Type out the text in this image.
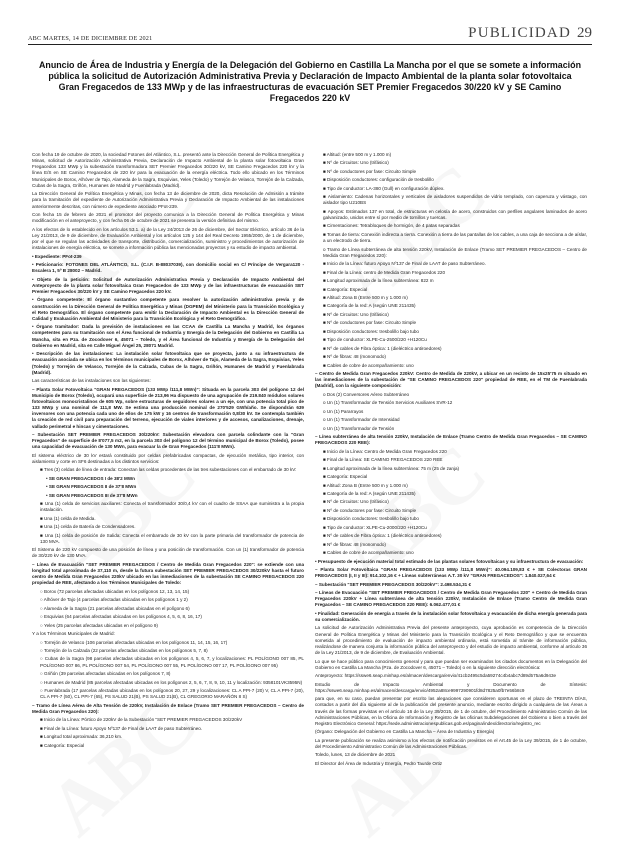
ABC MARTES, 14 DE DICIEMBRE DE 2021	PUBLICIDAD 29
Anuncio de Área de Industria y Energía de la Delegación del Gobierno en Castilla La Mancha por el que se somete a información pública la solicitud de Autorización Administrativa Previa y Declaración de Impacto Ambiental de la planta solar fotovoltaica Gran Fregacedos de 133 MWp y de las infraestructuras de evacuación SET Premier Fregacedos 30/220 kV y SE Camino Fregacedos 220 kV

Con fecha 19 de octubre de 2020, la sociedad Fotones del Atlántico, S.L. presentó ante la Dirección General de Política Energética y Minas, solicitud de Autorización Administrativa Previa, Declaración de Impacto Ambiental de la planta solar fotovoltaica Gran Fregacedos 133 MWp y la subestación transformadora SET Premier Fregacedos 30/220 kV, SE Camino Fregacedos 220 kV y la línea E/S en SE Camino Fregacedos de 220 kV para la evacuación de la energía eléctrica. Todo ello ubicado en los Términos Municipales de Borox, Alhóver de Tajo, Alameda de la Sagra, Esquivias, Yeles (Toledo) y Torrejón de Velasco, Torrejón de la Calzada, Cubas de la Sagra, Griñón, Humanes de Madrid y Fuenlabrada (Madrid).

La Dirección General de Política Energética y Minas, con fecha 13 de diciembre de 2020, dicta Resolución de Admisión a trámite para la tramitación del expediente de Autorización Administrativa Previa y Declaración de Impacto Ambiental de las instalaciones anteriormente descritas, con número de expediente asociado PFot-239.

Con fecha 15 de febrero de 2021 el promotor del proyecto comunica a la Dirección General de Política Energética y Minas modificación en el anteproyecto, y con fecha 06 de octubre de 2021 se presenta la versión definitiva del mismo.

A los efectos de lo establecido en los artículos 53.1. a) de la Ley 24/2013 de 26 de diciembre, del Sector Eléctrico, artículo 36 de la Ley 21/2013, de 9 de diciembre, de Evaluación Ambiental y los artículos 125 y 144 del Real Decreto 1955/2000, de 1 de diciembre, por el que se regulan las actividades de transporte, distribución, comercialización, suministro y procedimientos de autorización de instalaciones de energía eléctrica, se somete a información pública las mencionadas proyectos y su estudio de impacto ambiental.

• Expediente: PFot-239

• Peticionario: FOTONES DEL ATLÁNTICO, S.L. (C.I.F. B-88037039), con domicilio social en C/ Príncipe de Vergara120 - Escalera 1, 5º B 28002 – Madrid.

• Objeto de la petición: Solicitud de Autorización Administrativa Previa y Declaración de Impacto Ambiental del Anteproyecto de la planta solar fotovoltaica Gran Fregacedos de 133 MWp y de las infraestructuras de evacuación SET Premier Fregacedos 30/220 kV y SE Camino Fregacedos 220 kV.

• Órgano competente: El órgano sustantivo competente para resolver la autorización administrativa previa y de construcción es la Dirección General de Política Energética y Minas (DGPEM) del Ministerio para la Transición Ecológica y el Reto Demográfico. El órgano competente para emitir la Declaración de Impacto Ambiental es la Dirección General de Calidad y Evaluación Ambiental del Ministerio para la Transición Ecológica y el Reto Demográfico.

• Órgano tramitador: Dada la previsión de instalaciones en las CCAA de Castilla La Mancha y Madrid, los órganos competentes para su tramitación son el Área funcional de Industria y Energía de la Delegación del Gobierno en Castilla La Mancha, sita en Pza. de Zocodover 6, 45071 – Toledo, y el Área funcional de Industria y Energía de la Delegación del Gobierno en Madrid, sita en Calle Miguel Ángel 25, 28071 Madrid.

• Descripción de las instalaciones: La instalación solar fotovoltaica que se proyecta, junto a su infraestructura de evacuación asociada se ubica en los términos municipales de Borox, Alhóver de Tajo, Alameda de la Sagra, Esquivias, Yeles (Toledo) y Torrejón de Velasco, Torrejón de la Calzada, Cubas de la Sagra, Griñón, Humanes de Madrid y Fuenlabrada (Madrid).

Las características de las instalaciones son las siguientes:

– Planta Solar Fotovoltaica "GRAN FREGACEDOS (133 MWp /111,8 MWn)": Situada en la parcela 303 del polígono 12 del Municipio de Borox (Toledo), ocupará una superficie de 213,96 Ha dispuesto de una agrupación de 219.840 módulos solares fotovoltaicos monocristalinos de 605 Wp, sobre estructuras de seguidores solares a un eje, con una potencia total pico de 133 MWp y una nominal de 111,8 MW. Se estima una producción nominal de 270'529 GWh/año. Se dispondrán 639 inversores con una potencia cada uno de ellos de 175 kW y 16 centros de transformación 0,8/30 kV. Se contempla también la creación de red civil para preparación del terreno, ejecución de viales interiores y de accesos, canalizaciones, drenaje, vallado perimetral e hincas y cimentaciones.

– Subestación SET PREMIER FREGACEDOS 30/220kV: Subestación elevadora con parcela colindante con la "Gran Fregacedos" de superficie de 8'077,5 m2, en la parcela 303 del polígono 12 del término municipal de Borox (Toledo), posee una capacidad de evacuación de 130 MWn, para evacuar la de Gran Fregacedos (111'8 MWn).

El sistema eléctrico de 30 kV estará constituido por celdas prefabricadas compactas, de ejecución metálica, tipo interior, con aislamiento y corte en SF6 destinadas a los distintos servicios:

■ Tres (3) celdas de línea de entrada: Conectan las celdas procedentes de las tres subestaciones con el embarrado de 30 kV:

• SE GRAN FREGACEDOS I de 38'2 MWn

• SE GRAN FREGACEDOS II de 37'8 MWn

• SE GRAN FREGACEDOS III de 37'8 MWn

■ Una (1) celda de servicios auxiliares: Conecta el transformador 30/0,4 kV con el cuadro de SSAA que suministra a la propia instalación.

■ Una (1) celda de Medida.

■ Una (1) celda de Batería de Condensadores.

■ Una (1) celda de posición de Salida: Conecta el embarrado de 30 kV con la parte primaria del transformador de potencia de 130 MVA.

El Sistema de 220 kV compuesto de una posición de línea y una posición de transformación. Con un (1) transformador de potencia de 30/220 kV de 130 MVA.

– Línea de Evacuación "SET PREMIER FREGACEDOS / Centro de Medida Gran Fregacedos 220": se extiende con una longitud total aproximada de 37,110 m, desde la futura subestación SET PREMIER FREGACEDOS 30/220kV hasta el futuro centro de Medida Gran Fregacedos 220kV ubicado en las inmediaciones de la subestación SE CAMINO FREGACEDOS 220 propiedad de REE, afectando a los Términos Municipales de Toledo:

○ Borox (72 parcelas afectadas ubicadas en los polígonos 12, 13, 14, 15)

○ Alhóver de Tajo (4 parcelas afectadas ubicadas en los polígonos 1 y 2)

○ Alameda de la Sagra (21 parcelas afectadas ubicadas en el polígono 6)

○ Esquivias (64 parcelas afectadas ubicadas en los polígonos 4, 5, 6, 8, 16, 17)

○ Yeles (25 parcelas afectadas ubicadas en el polígono 9)

Y a los Términos Municipales de Madrid:

○ Torrejón de Velasco (106 parcelas afectadas ubicadas en los polígonos 11, 14, 15, 16, 17)

○ Torrejón de la Calzada (22 parcelas afectadas ubicadas en los polígonos 5, 7, 8)

○ Cubas de la Sagra (98 parcelas afectadas ubicadas en los polígonos 4, 5, 6, 7, y localizaciones: PL POLÍGONO 007 85, PL POLÍGONO 007 86, PL POLÍGONO 007 54, PL POLÍGONO 007 55, PL POLÍGONO 007 17, PL POLÍGONO 007 95)

○ Griñón (39 parcelas afectadas ubicadas en los polígonos 7, 8)

○ Humanes de Madrid (85 parcelas afectadas ubicadas en los polígonos 2, 5, 6, 7, 8, 9, 10, 11 y localización: 9358101VK3595N)

○ Fuenlabrada (17 parcelas afectadas ubicadas en los polígonos 20, 27, 29 y localizaciones: CL A PPI-7 (20) V, CL A PPI-7 (20), CL A PPI-7 (50), CL PPI-7 (65), PS SALUD 21(B), PS SALUD 21(B), CL GREGORIO MARAÑÓN 8 S)

– Tramo de Línea Aérea de Alta Tensión de 220kV, Instalación de Enlace (Tramo SET PREMIER FREGACEDOS – Centro de Medida Gran Fregacedos 220):

■ Inicio de la Línea: Pórtico de 220kV de la Subestación "SET PREMIER FREGACEDOS 30/220kV

■ Final de la Línea: futuro Apoyo Nº137 de Final de LAAT de paso Subterráneo.

■ Longitud total aproximada: 36,210 km.

■ Categoría: Especial

■ Altitud: (entre 500 m y 1.000 m)

■ Nº de Circuitos: Uno (trifásico)

■ Nº de conductores por fase: Circuito Simple

■ Disposición conductores: configuración de tresbolillo

■ Tipo de conductor: LA-380 (Gull) en configuración dúplex.

■ Aislamiento: Cadenas horizontales y verticales de aisladores suspendidos de vidrio templado, con caperuza y vástago, con aislador tipo U210BS

■ Apoyos: Estimados 137 en total, de estructuras en celosía de acero, construidos con perfiles angulares laminados de acero galvanizado, unidos entre sí por medio de tornillos y tuercas.

■ Cimentaciones: Tetrabloques de hormigón, de 4 patas separadas

■ Tomas de tierra: Conexión indirecta a tierra. Conexión a tierra de las pantallas de los cables, a una caja de secciona a de aíslar, a un electrodo de tierra.

o Tramo de Línea subterránea de alta tensión 220kV, Instalación de Enlace (Tramo SET PREMIER FREGACEDOS – Centro de Medida Gran Fregacedos 220):

■ Inicio de la Línea: futuro Apoyo Nº137 de Final de LAAT de paso Subterráneo.

■ Final de la Línea: centro de Medida Gran Fregacedos 220

■ Longitud aproximada de la línea subterránea: 822 m

■ Categoría: Especial

■ Altitud: Zona B (Entre 500 m y 1.000 m)

■ Categoría de la red: A (según UNE 211435)

■ Nº de Circuitos: Uno (trifásico)

■ Nº de conductores por fase: Circuito Simple

■ Disposición conductores: tresbolillo bajo tubo

■ Tipo de conductor: XLPE-Cu-2500/220 +H120Cu

■ Nº de cables de Fibra óptica: 1 (dieléctrico antiroedores)

■ Nº de fibras: 48 (monomodo)

■ Cables de cobre de acompañamiento: uno

– Centro de Medida Gran Fregacedos 220kV: Centro de Medida de 220kV, a ubicar en un recinto de 15x25'75 m situado en las inmediaciones de la subestación de "SE CAMINO FREGACEDOS 220" propiedad de REE, en el TM de Fuenlabrada (Madrid), con la siguiente composición:

o Dos (2) Conversores Aéreo Subterráneo

o Un (1) Transformador de Tensión Servicios Auxiliares SVR-12

o Un (1) Pararrayos

o Un (1) Transformador de Intensidad

o Un (1) Transformador de Tensión

– Línea subterránea de alta tensión 220kV, Instalación de Enlace (Tramo Centro de Medida Gran Fregacedos – SE CAMINO FREGACEDOS 220 REE):

■ Inicio de la Línea: Centro de Medida Gran Fregacedos 220

■ Final de la Línea: SE CAMINO FREGACEDOS 220 REE

■ Longitud aproximada de la línea subterránea: 75 m (25 de zanja)

■ Categoría: Especial

■ Altitud: Zona B (Entre 500 m y 1.000 m)

■ Categoría de la red: A (según UNE 211435)

■ Nº de Circuitos: Uno (trifásico)

■ Nº de conductores por fase: Circuito Simple

■ Disposición conductores: tresbolillo bajo tubo

■ Tipo de conductor: XLPE-Cu-2000/220 +H120Cu

■ Nº de cables de Fibra óptica: 1 (dieléctrico antiroedores)

■ Nº de fibras: 48 (monomodo)

■ Cables de cobre de acompañamiento: uno

• Presupuesto de ejecución material total estimado de las plantas solares fotovoltaicas y su infraestructura de evacuación:

– Planta Solar Fotovoltaica "GRAN FREGACEDOS (133 MWp /111,8 MWn)": 40.094.109,83 € + SE Colectoras GRAN FREGACEDOS (I, II y III): 914.102,16 € + Líneas subterráneas A.T. 30 kV "GRAN FREGACEDOS": 1.840.027,64 €

– Subestación "SET PREMIER FREGACEDOS 30/220kV": 2.498.534,31 €

– Líneas de Evacuación "SET PREMIER FREGACEDOS / Centro de Medida Gran Fregacedos 220" + Centro de Medida Gran Fregacedos 220kV + Línea subterránea de alta tensión 220kV, Instalación de Enlace (Tramo Centro de Medida Gran Fregacedos – SE CAMINO FREGACEDOS 220 REE): 6.062.477,01 €

• Finalidad: Generación de energía a través de la instalación solar fotovoltaica y evacuación de dicha energía generada para su comercialización.

La solicitud de Autorización Administrativa Previa del presente anteproyecto, cuya aprobación es competencia de la Dirección General de Política Energética y Minas del Ministerio para la Transición Ecológica y el Reto Demográfico y que se encuentra sometida al procedimiento de evaluación de impacto ambiental ordinaria, está sometida al trámite de información pública, realizándose de manera conjunta la información pública del anteproyecto y del estudio de impacto ambiental, conforme al artículo 36 de la Ley 21/2013, de 9 de diciembre, de Evaluación Ambiental.

Lo que se hace público para conocimiento general y para que puedan ser examinados los citados documentos en la Delegación del Gobierno en Castilla La Mancha (Pza. de Zocodover 6, 45071 – Toledo) o en la siguiente dirección electrónica:

Anteproyecto: https://sswe6.seap.minhap.es/almacen/descarga/envio/41cb2495c5da59274c4b4abc7d89d575a6d943e

Estudio de Impacto Ambiental y Documento de Síntesis: https://sswe6.seap.minhap.es/almacen/descarga/envio/4952a88ce9997290901fd8d7825a0fb7e56b8c9

para que, en su caso, puedan presentar por escrito las alegaciones que consideren oportunas en el plazo de TREINTA DÍAS, contados a partir del día siguiente al de la publicación del presente anuncio, mediante escrito dirigido a cualquiera de las Áreas a través de las formas previstas en el artículo 16 de la Ley 39/2015, de 1 de octubre, del Procedimiento Administrativo Común de las Administraciones Públicas, en la Oficina de Información y Registro de las oficinas Subdelegaciones del Gobierno o bien a través del Registro Electrónico General: https://sede.administracionespublicas.gob.es/pagina/index/directorio/registro_rec

(Órgano: Delegación del Gobierno en Castilla La Mancha – Área de Industria y Energía)

La presente publicación se realiza asimismo a los efectos de notificación previstos en el Art.45 de la Ley 39/2015, de 1 de octubre, del Procedimiento Administrativo Común de las Administraciones Públicas.

Toledo, lunes, 13 de diciembre de 2021

El Director del Área de Industria y Energía, Pedro Taurde Ortiz
